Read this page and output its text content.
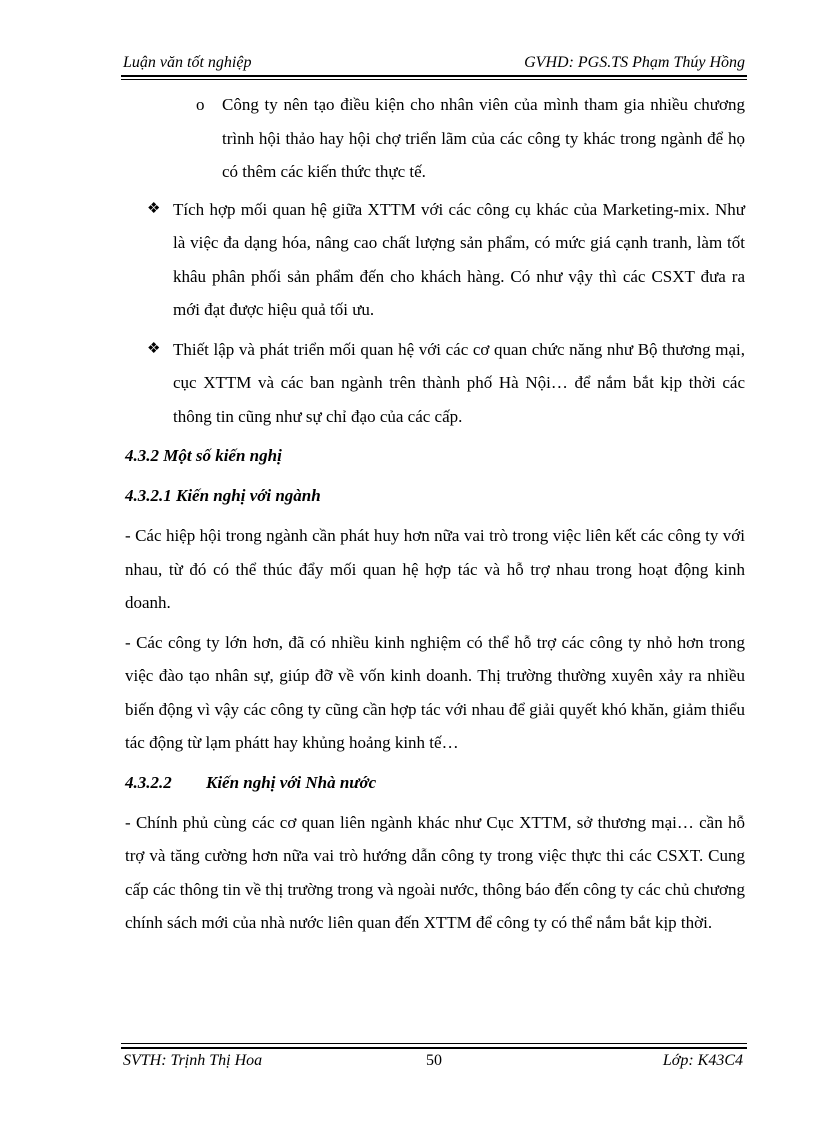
Luận văn tốt nghiệp	GVHD: PGS.TS Phạm Thúy Hồng

o Công ty nên tạo điều kiện cho nhân viên của mình tham gia nhiều chương trình hội thảo hay hội chợ triển lãm của các công ty khác trong ngành để họ có thêm các kiến thức thực tế.

❖ Tích hợp mối quan hệ giữa XTTM với các công cụ khác của Marketing-mix. Như là việc đa dạng hóa, nâng cao chất lượng sản phẩm, có mức giá cạnh tranh, làm tốt khâu phân phối sản phẩm đến cho khách hàng. Có như vậy thì các CSXT đưa ra mới đạt được hiệu quả tối ưu.

❖ Thiết lập và phát triển mối quan hệ với các cơ quan chức năng như Bộ thương mại, cục XTTM và các ban ngành trên thành phố Hà Nội… để nắm bắt kịp thời các thông tin cũng như sự chỉ đạo của các cấp.

4.3.2 Một số kiến nghị

4.3.2.1 Kiến nghị với ngành

- Các hiệp hội trong ngành cần phát huy hơn nữa vai trò trong việc liên kết các công ty với nhau, từ đó có thể thúc đẩy mối quan hệ hợp tác và hỗ trợ nhau trong hoạt động kinh doanh.

- Các công ty lớn hơn, đã có nhiều kinh nghiệm có thể hỗ trợ các công ty nhỏ hơn trong việc đào tạo nhân sự, giúp đỡ về vốn kinh doanh. Thị trường thường xuyên xảy ra nhiều biến động vì vậy các công ty cũng cần hợp tác với nhau để giải quyết khó khăn, giảm thiểu tác động từ lạm phátt hay khủng hoảng kinh tế…

4.3.2.2 Kiến nghị với Nhà nước

- Chính phủ cùng các cơ quan liên ngành khác như Cục XTTM, sở thương mại… cần hỗ trợ và tăng cường hơn nữa vai trò hướng dẫn công ty trong việc thực thi các CSXT. Cung cấp các thông tin về thị trường trong và ngoài nước, thông báo đến công ty các chủ chương chính sách mới của nhà nước liên quan đến XTTM để công ty có thể nắm bắt kịp thời.

SVTH: Trịnh Thị Hoa	50	Lớp: K43C4
